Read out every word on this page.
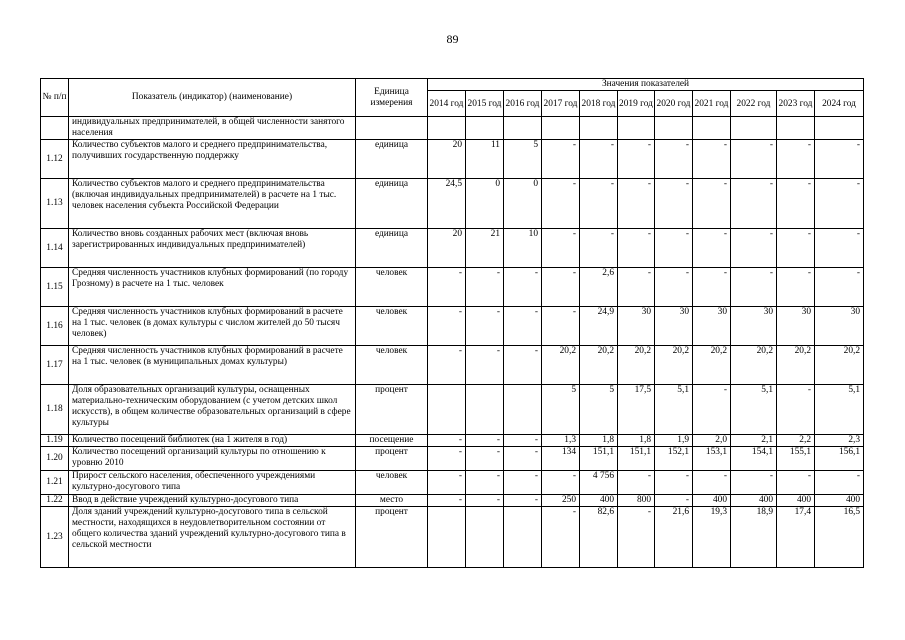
89
№ п/п	Показатель (индикатор) (наименование)	Единица измерения	Значения показателей										
			2014 год	2015 год	2016 год	2017 год	2018 год	2019 год	2020 год	2021 год	2022 год	2023 год	2024 год
	индивидуальных предпринимателей, в общей численности занятого населения												
1.12	Количество субъектов малого и среднего предпринимательства, получивших государственную поддержку	единица	20	11	5	-	-	-	-	-	-	-	-
1.13	Количество субъектов малого и среднего предпринимательства (включая индивидуальных предпринимателей) в расчете на 1 тыс. человек населения субъекта Российской Федерации	единица	24,5	0	0	-	-	-	-	-	-	-	-
1.14	Количество вновь созданных рабочих мест (включая вновь зарегистрированных индивидуальных предпринимателей)	единица	20	21	10	-	-	-	-	-	-	-	-
1.15	Средняя численность участников клубных формирований (по городу Грозному) в расчете на 1 тыс. человек	человек	-	-	-	-	2,6	-	-	-	-	-	-
1.16	Средняя численность участников клубных формирований в расчете на 1 тыс. человек (в домах культуры с числом жителей до 50 тысяч человек)	человек	-	-	-	-	24,9	30	30	30	30	30	30
1.17	Средняя численность участников клубных формирований в расчете на 1 тыс. человек (в муниципальных домах культуры)	человек	-	-	-	20,2	20,2	20,2	20,2	20,2	20,2	20,2	20,2
1.18	Доля образовательных организаций культуры, оснащенных материально-техническим оборудованием (с учетом детских школ искусств), в общем количестве образовательных организаций в сфере культуры	процент				5	5	17,5	5,1	-	5,1	-	5,1
1.19	Количество посещений библиотек (на 1 жителя в год)	посещение	-	-	-	1,3	1,8	1,8	1,9	2,0	2,1	2,2	2,3
1.20	Количество посещений организаций культуры по отношению к уровню 2010	процент	-	-	-	134	151,1	151,1	152,1	153,1	154,1	155,1	156,1
1.21	Прирост сельского населения, обеспеченного учреждениями культурно-досугового типа	человек	-	-	-	-	4 756	-	-	-	-	-	-
1.22	Ввод в действие учреждений культурно-досугового типа	место	-	-	-	250	400	800	-	400	400	400	400
1.23	Доля зданий учреждений культурно-досугового типа в сельской местности, находящихся в неудовлетворительном состоянии от общего количества зданий учреждений культурно-досугового типа в сельской местности	процент				-	82,6	-	21,6	19,3	18,9	17,4	16,5
